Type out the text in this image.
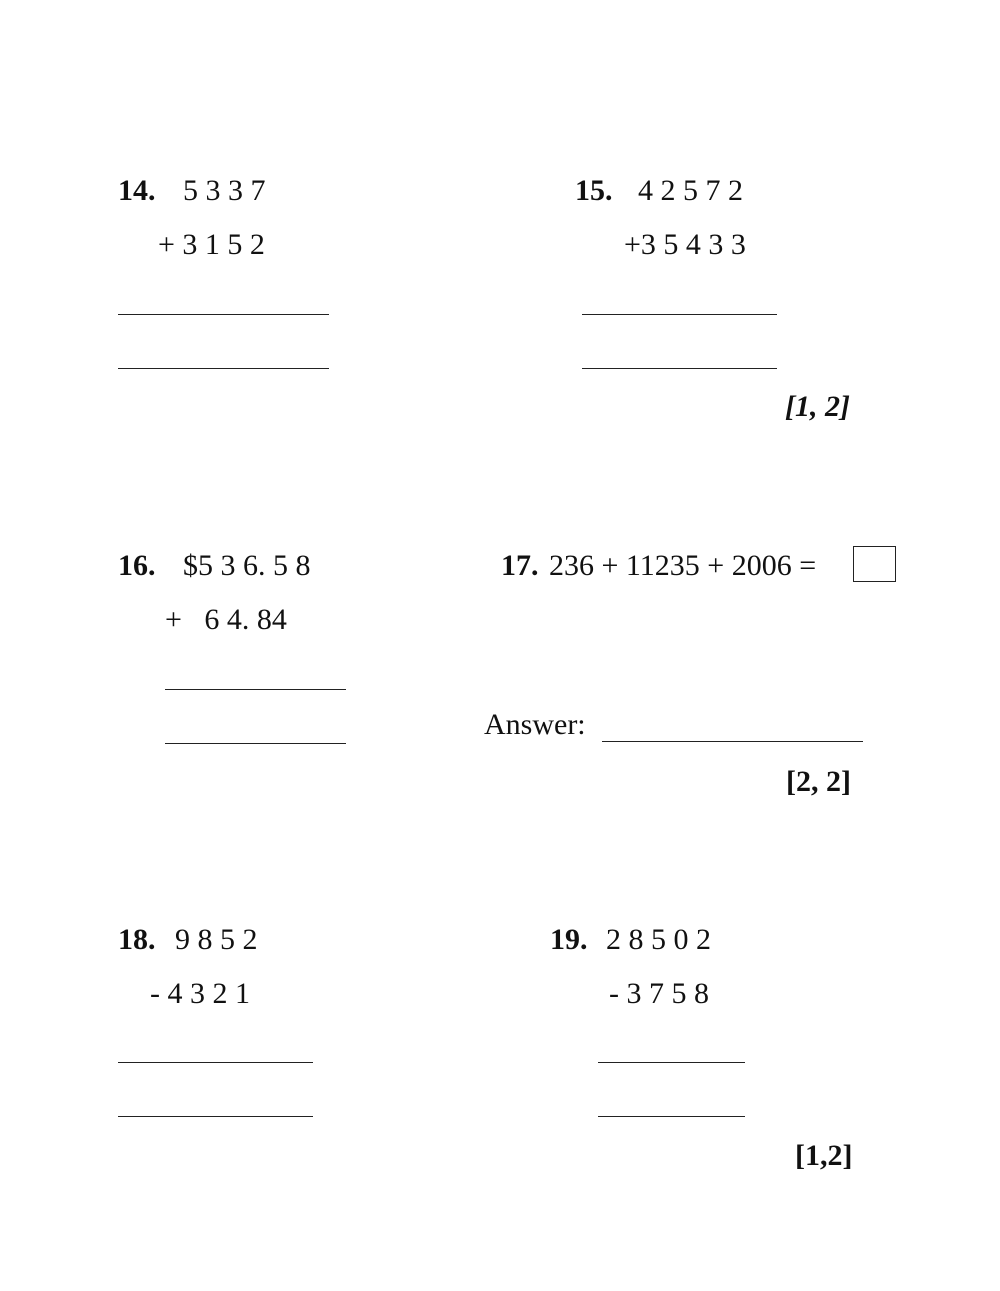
14. 5 3 3 7
+ 3 1 5 2
15. 4 2 5 7 2
+3 5 4 3 3
[1, 2]
16. $5 3 6. 5 8
+   6 4. 84
17. 236 + 11235 + 2006 =
Answer:
[2, 2]
18. 9 8 5 2
- 4 3 2 1
19. 2 8 5 0 2
- 3 7 5 8
[1,2]
